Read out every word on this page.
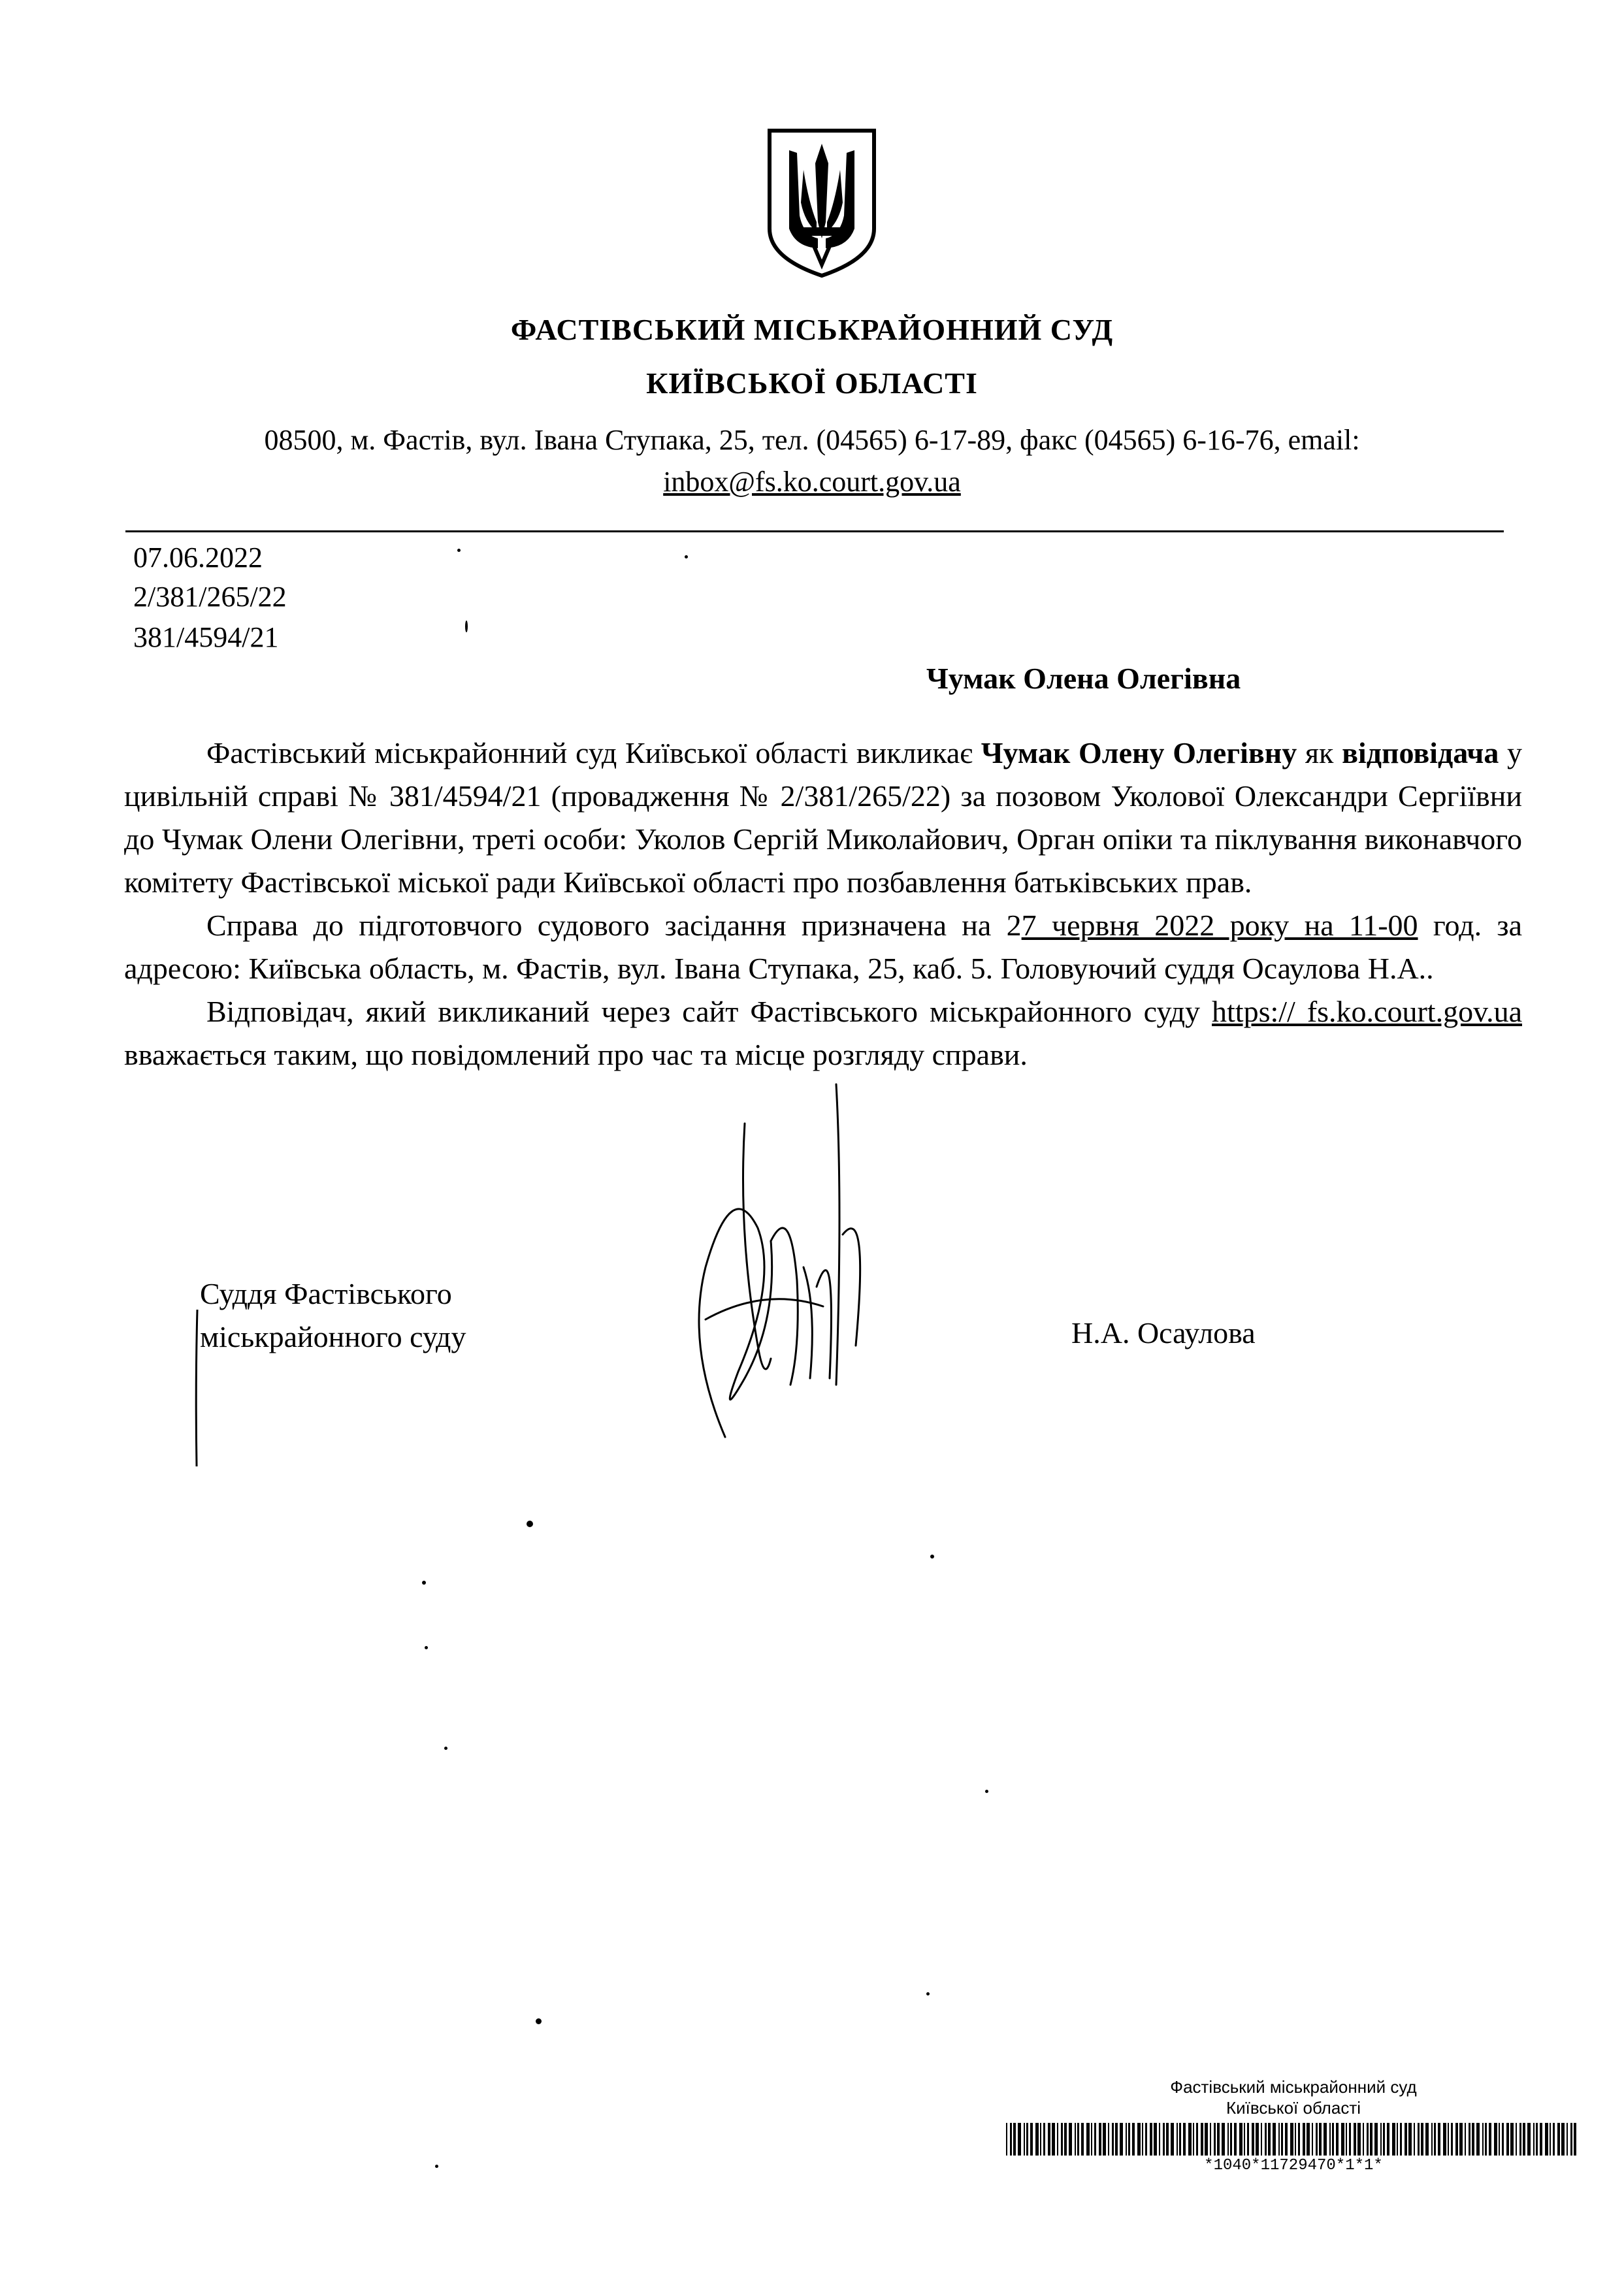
ФАСТІВСЬКИЙ МІСЬКРАЙОННИЙ СУД
КИЇВСЬКОЇ ОБЛАСТІ
08500, м. Фастів, вул. Івана Ступака, 25, тел. (04565) 6-17-89, факс (04565) 6-16-76, email:
inbox@fs.ko.court.gov.ua
07.06.2022
2/381/265/22
381/4594/21
Чумак Олена Олегівна

Фастівський міськрайонний суд Київської області викликає Чумак Олену Олегівну як відповідача у цивільній справі № 381/4594/21 (провадження № 2/381/265/22) за позовом Уколової Олександри Сергіївни до Чумак Олени Олегівни, треті особи: Уколов Сергій Миколайович, Орган опіки та піклування виконавчого комітету Фастівської міської ради Київської області про позбавлення батьківських прав.

Справа до підготовчого судового засідання призначена на 27 червня 2022 року на 11-00 год. за адресою: Київська область, м. Фастів, вул. Івана Ступака, 25, каб. 5. Головуючий суддя Осаулова Н.А..

Відповідач, який викликаний через сайт Фастівського міськрайонного суду https:// fs.ko.court.gov.ua вважається таким, що повідомлений про час та місце розгляду справи.

Суддя Фастівського
міськрайонного суду	Н.А. Осаулова
Фастівський міськрайонний суд
Київської області
*1040*11729470*1*1*
